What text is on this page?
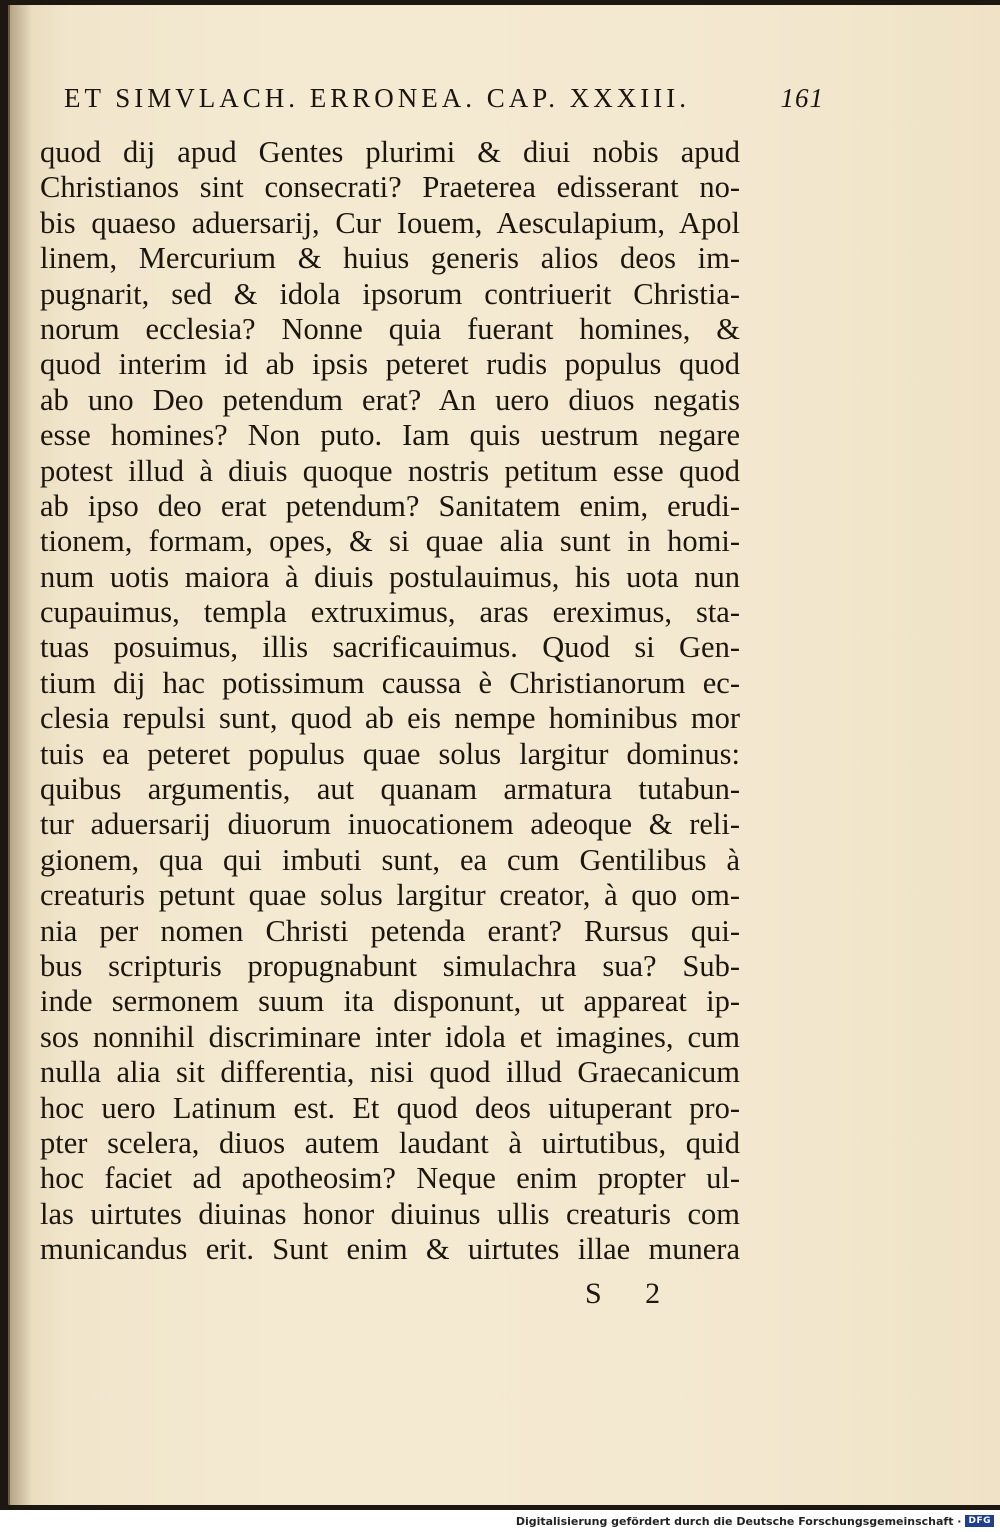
ET SIMVLACH. ERRONEA. CAP. XXXIII.	161
quod dij apud Gentes plurimi & diui nobis apud
Christianos sint consecrati? Praeterea edisserant no-
bis quaeso aduersarij, Cur Iouem, Aesculapium, Apol
linem, Mercurium & huius generis alios deos im-
pugnarit, sed & idola ipsorum contriuerit Christia-
norum ecclesia? Nonne quia fuerant homines, &
quod interim id ab ipsis peteret rudis populus quod
ab uno Deo petendum erat? An uero diuos negatis
esse homines? Non puto. Iam quis uestrum negare
potest illud à diuis quoque nostris petitum esse quod
ab ipso deo erat petendum? Sanitatem enim, erudi-
tionem, formam, opes, & si quae alia sunt in homi-
num uotis maiora à diuis postulauimus, his uota nun
cupauimus, templa extruximus, aras ereximus, sta-
tuas posuimus, illis sacrificauimus. Quod si Gen-
tium dij hac potissimum caussa è Christianorum ec-
clesia repulsi sunt, quod ab eis nempe hominibus mor
tuis ea peteret populus quae solus largitur dominus:
quibus argumentis, aut quanam armatura tutabun-
tur aduersarij diuorum inuocationem adeoque & reli-
gionem, qua qui imbuti sunt, ea cum Gentilibus à
creaturis petunt quae solus largitur creator, à quo om-
nia per nomen Christi petenda erant? Rursus qui-
bus scripturis propugnabunt simulachra sua? Sub-
inde sermonem suum ita disponunt, ut appareat ip-
sos nonnihil discriminare inter idola et imagines, cum
nulla alia sit differentia, nisi quod illud Graecanicum
hoc uero Latinum est. Et quod deos uituperant pro-
pter scelera, diuos autem laudant à uirtutibus, quid
hoc faciet ad apotheosim? Neque enim propter ul-
las uirtutes diuinas honor diuinus ullis creaturis com
municandus erit. Sunt enim & uirtutes illae munera
S 2
Digitalisierung gefördert durch die Deutsche Forschungsgemeinschaft · DFG
